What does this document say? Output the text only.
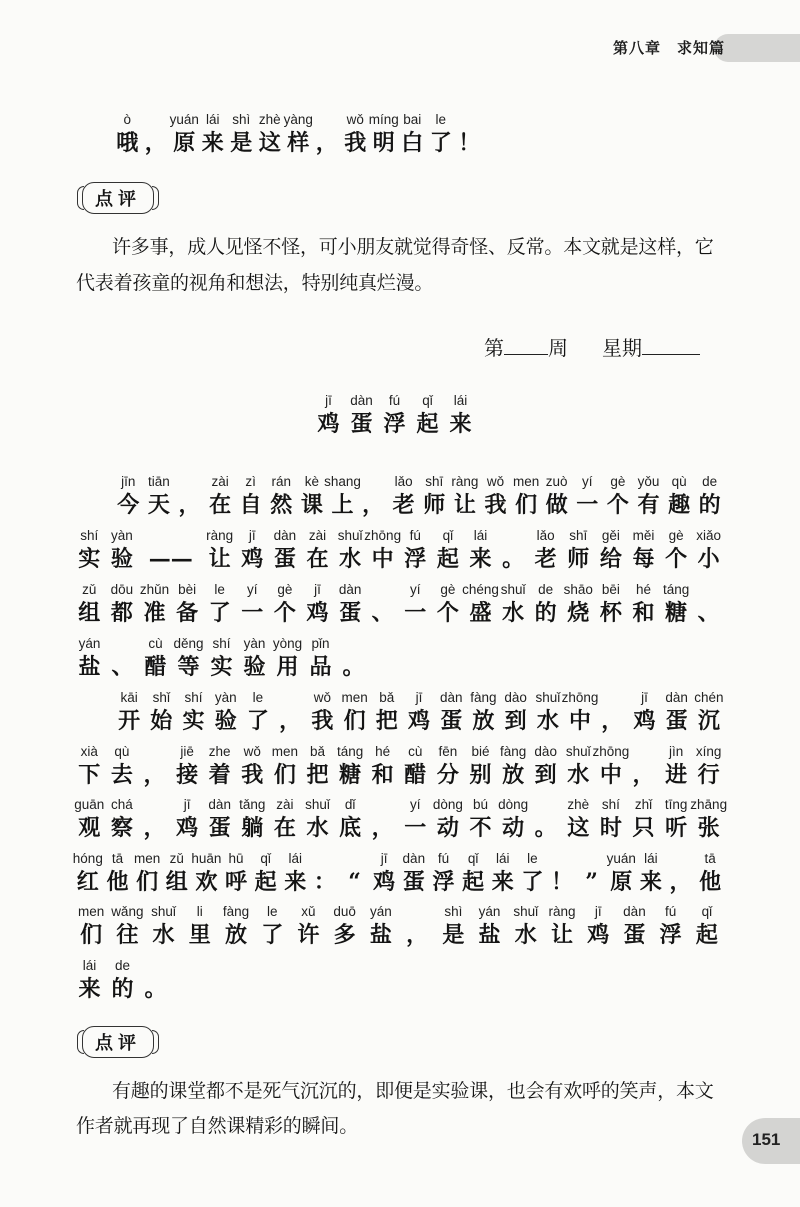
第八章　求知篇
ò
哦 ，
yuán
原
lái
来
shì
是
zhè
这
yàng
样 ，
wǒ
我
míng
明
bai
白
le
了 ！
点评
许多事，成人见怪不怪，可小朋友就觉得奇怪、反常。本文就是这样，它
代表着孩童的视角和想法，特别纯真烂漫。
第 周 星期
jī
鸡
dàn
蛋
fú
浮
qǐ
起
lái
来
jīn
今
tiān
天 ，
zài
在
zì
自
rán
然
kè
课
shang
上 ，
lǎo
老
shī
师
ràng
让
wǒ
我
men
们
zuò
做
yí
一
gè
个
yǒu
有
qù
趣
de
的
shí
实
yàn
验 ——
ràng
让
jī
鸡
dàn
蛋
zài
在
shuǐ
水
zhōng
中
fú
浮
qǐ
起
lái
来 。
lǎo
老
shī
师
gěi
给
měi
每
gè
个
xiǎo
小
zǔ
组
dōu
都
zhǔn
准
bèi
备
le
了
yí
一
gè
个
jī
鸡
dàn
蛋 、
yí
一
gè
个
chéng
盛
shuǐ
水
de
的
shāo
烧
bēi
杯
hé
和
táng
糖 、
yán
盐 、
cù
醋
děng
等
shí
实
yàn
验
yòng
用
pǐn
品 。
kāi
开
shǐ
始
shí
实
yàn
验
le
了 ，
wǒ
我
men
们
bǎ
把
jī
鸡
dàn
蛋
fàng
放
dào
到
shuǐ
水
zhōng
中 ，
jī
鸡
dàn
蛋
chén
沉
xià
下
qù
去 ，
jiē
接
zhe
着
wǒ
我
men
们
bǎ
把
táng
糖
hé
和
cù
醋
fēn
分
bié
别
fàng
放
dào
到
shuǐ
水
zhōng
中 ，
jìn
进
xíng
行
guān
观
chá
察 ，
jī
鸡
dàn
蛋
tǎng
躺
zài
在
shuǐ
水
dǐ
底 ，
yí
一
dòng
动
bú
不
dòng
动 。
zhè
这
shí
时
zhǐ
只
tīng
听
zhāng
张
hóng
红
tā
他
men
们
zǔ
组
huān
欢
hū
呼
qǐ
起
lái
来 ： “
jī
鸡
dàn
蛋
fú
浮
qǐ
起
lái
来
le
了 ！ ”
yuán
原
lái
来 ，
tā
他
men
们
wǎng
往
shuǐ
水
li
里
fàng
放
le
了
xǔ
许
duō
多
yán
盐 ，
shì
是
yán
盐
shuǐ
水
ràng
让
jī
鸡
dàn
蛋
fú
浮
qǐ
起
lái
来
de
的 。
点评
有趣的课堂都不是死气沉沉的，即便是实验课，也会有欢呼的笑声，本文
作者就再现了自然课精彩的瞬间。
151
